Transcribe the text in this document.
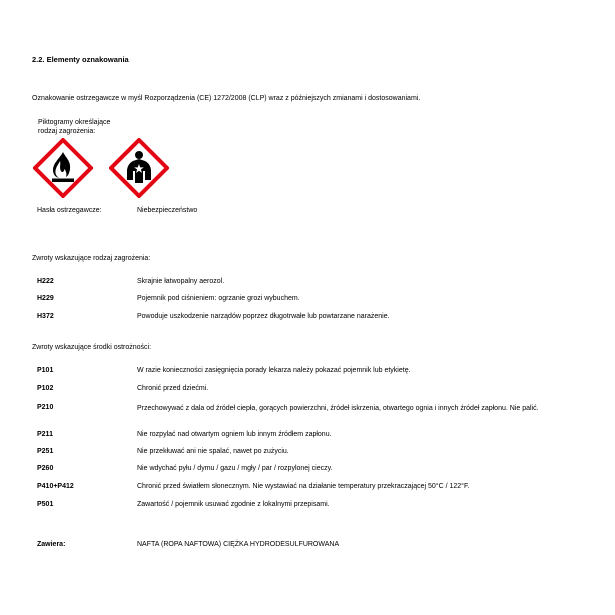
2.2. Elementy oznakowania
Oznakowanie ostrzegawcze w myśl Rozporządzenia (CE) 1272/2008 (CLP) wraz z późniejszych zmianami i dostosowaniami.
Piktogramy określające
rodzaj zagrożenia:
Hasła ostrzegawcze:	Niebezpieczeństwo
Zwroty wskazujące rodzaj zagrożenia:
H222	Skrajnie łatwopalny aerozol.
H229	Pojemnik pod ciśnieniem: ogrzanie grozi wybuchem.
H372	Powoduje uszkodzenie narządów poprzez długotrwałe lub powtarzane narażenie.
Zwroty wskazujące środki ostrożności:
P101	W razie konieczności zasięgnięcia porady lekarza należy pokazać pojemnik lub etykietę.
P102	Chronić przed dziećmi.
P210	Przechowywać z dala od źródeł ciepła, gorących powierzchni, źródeł iskrzenia, otwartego ognia i innych źródeł zapłonu. Nie palić.
P211	Nie rozpylać nad otwartym ogniem lub innym źródłem zapłonu.
P251	Nie przekłuwać ani nie spalać, nawet po zużyciu.
P260	Nie wdychać pyłu / dymu / gazu / mgły / par / rozpylonej cieczy.
P410+P412	Chronić przed światłem słonecznym. Nie wystawiać na działanie temperatury przekraczającej 50°C / 122°F.
P501	Zawartość / pojemnik usuwać zgodnie z lokalnymi przepisami.
Zawiera:	NAFTA (ROPA NAFTOWA) CIĘŻKA HYDRODESULFUROWANA
